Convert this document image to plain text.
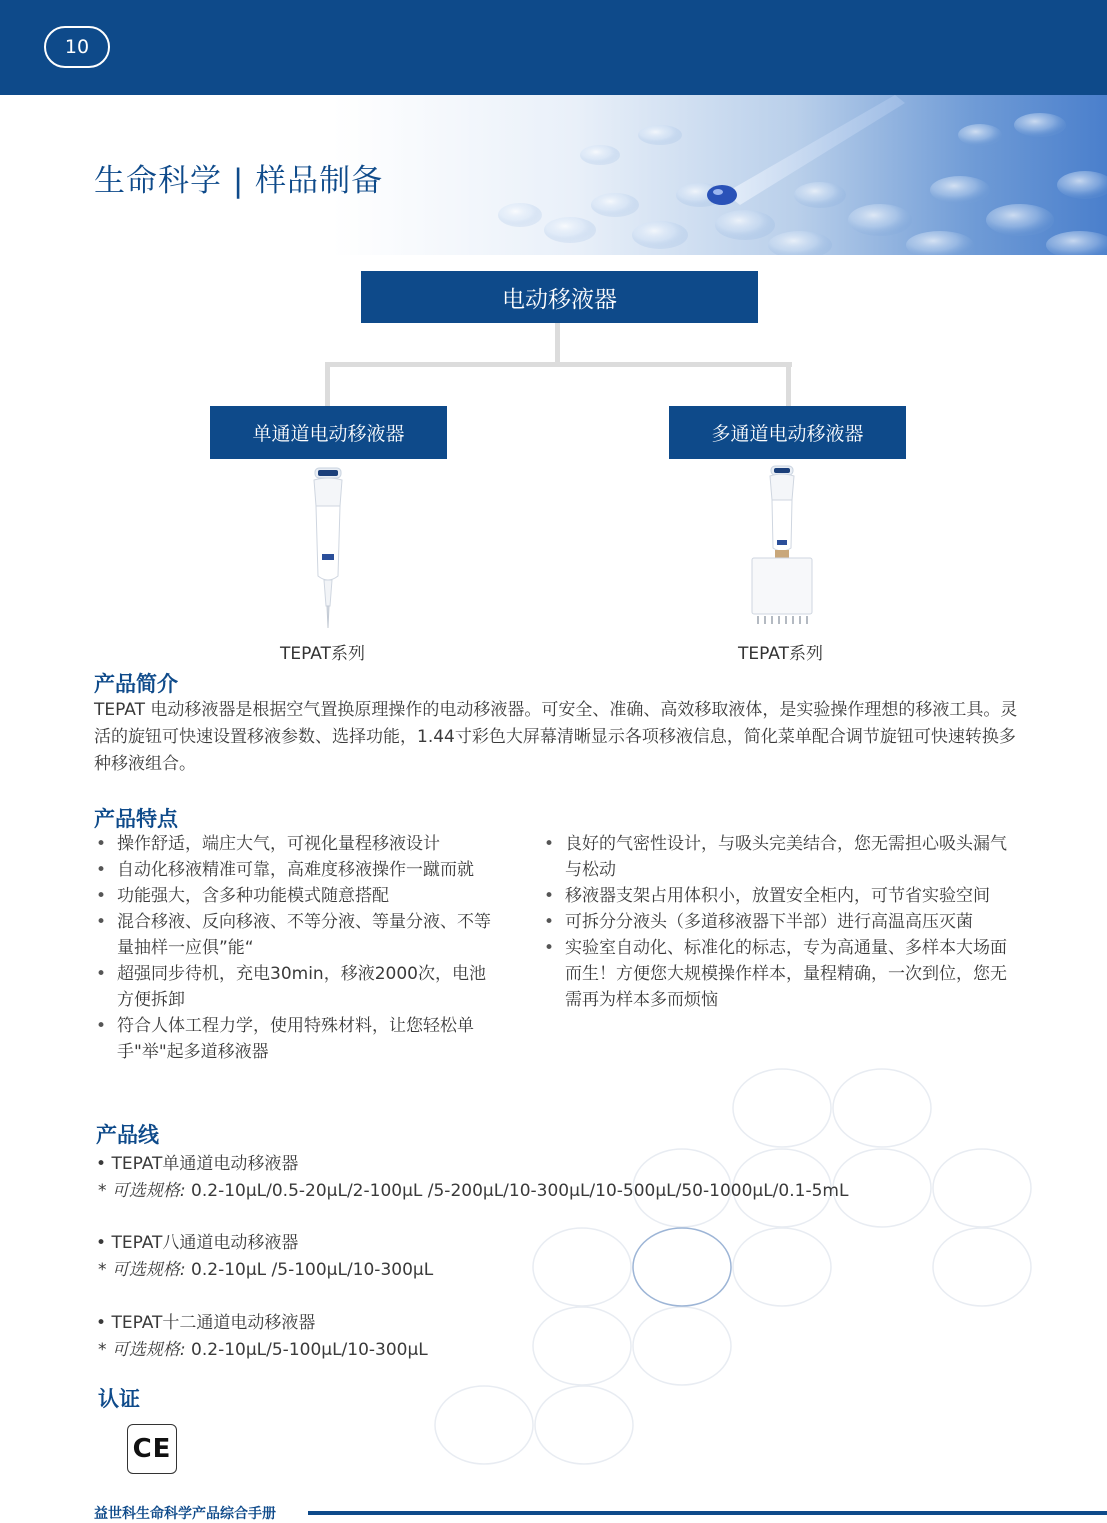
10
生命科学 | 样品制备
电动移液器
单通道电动移液器	多通道电动移液器
TEPAT系列	TEPAT系列
产品简介
TEPAT 电动移液器是根据空气置换原理操作的电动移液器。可安全、准确、高效移取液体，是实验操作理想的移液工具。灵活的旋钮可快速设置移液参数、选择功能，1.44寸彩色大屏幕清晰显示各项移液信息，简化菜单配合调节旋钮可快速转换多种移液组合。
产品特点
• 操作舒适，端庄大气，可视化量程移液设计
• 自动化移液精准可靠，高难度移液操作一蹴而就
• 功能强大，含多种功能模式随意搭配
• 混合移液、反向移液、不等分液、等量分液、不等量抽样一应俱”能“
• 超强同步待机，充电30min，移液2000次，电池方便拆卸
• 符合人体工程力学，使用特殊材料，让您轻松单手"举"起多道移液器
• 良好的气密性设计，与吸头完美结合，您无需担心吸头漏气与松动
• 移液器支架占用体积小，放置安全柜内，可节省实验空间
• 可拆分分液头（多道移液器下半部）进行高温高压灭菌
• 实验室自动化、标准化的标志，专为高通量、多样本大场面而生！方便您大规模操作样本，量程精确，一次到位，您无需再为样本多而烦恼
产品线
• TEPAT单通道电动移液器
* 可选规格: 0.2-10μL/0.5-20μL/2-100μL /5-200μL/10-300μL/10-500μL/50-1000μL/0.1-5mL
• TEPAT八通道电动移液器
* 可选规格: 0.2-10μL /5-100μL/10-300μL
• TEPAT十二通道电动移液器
* 可选规格: 0.2-10μL/5-100μL/10-300μL
认证
CE
益世科生命科学产品综合手册
